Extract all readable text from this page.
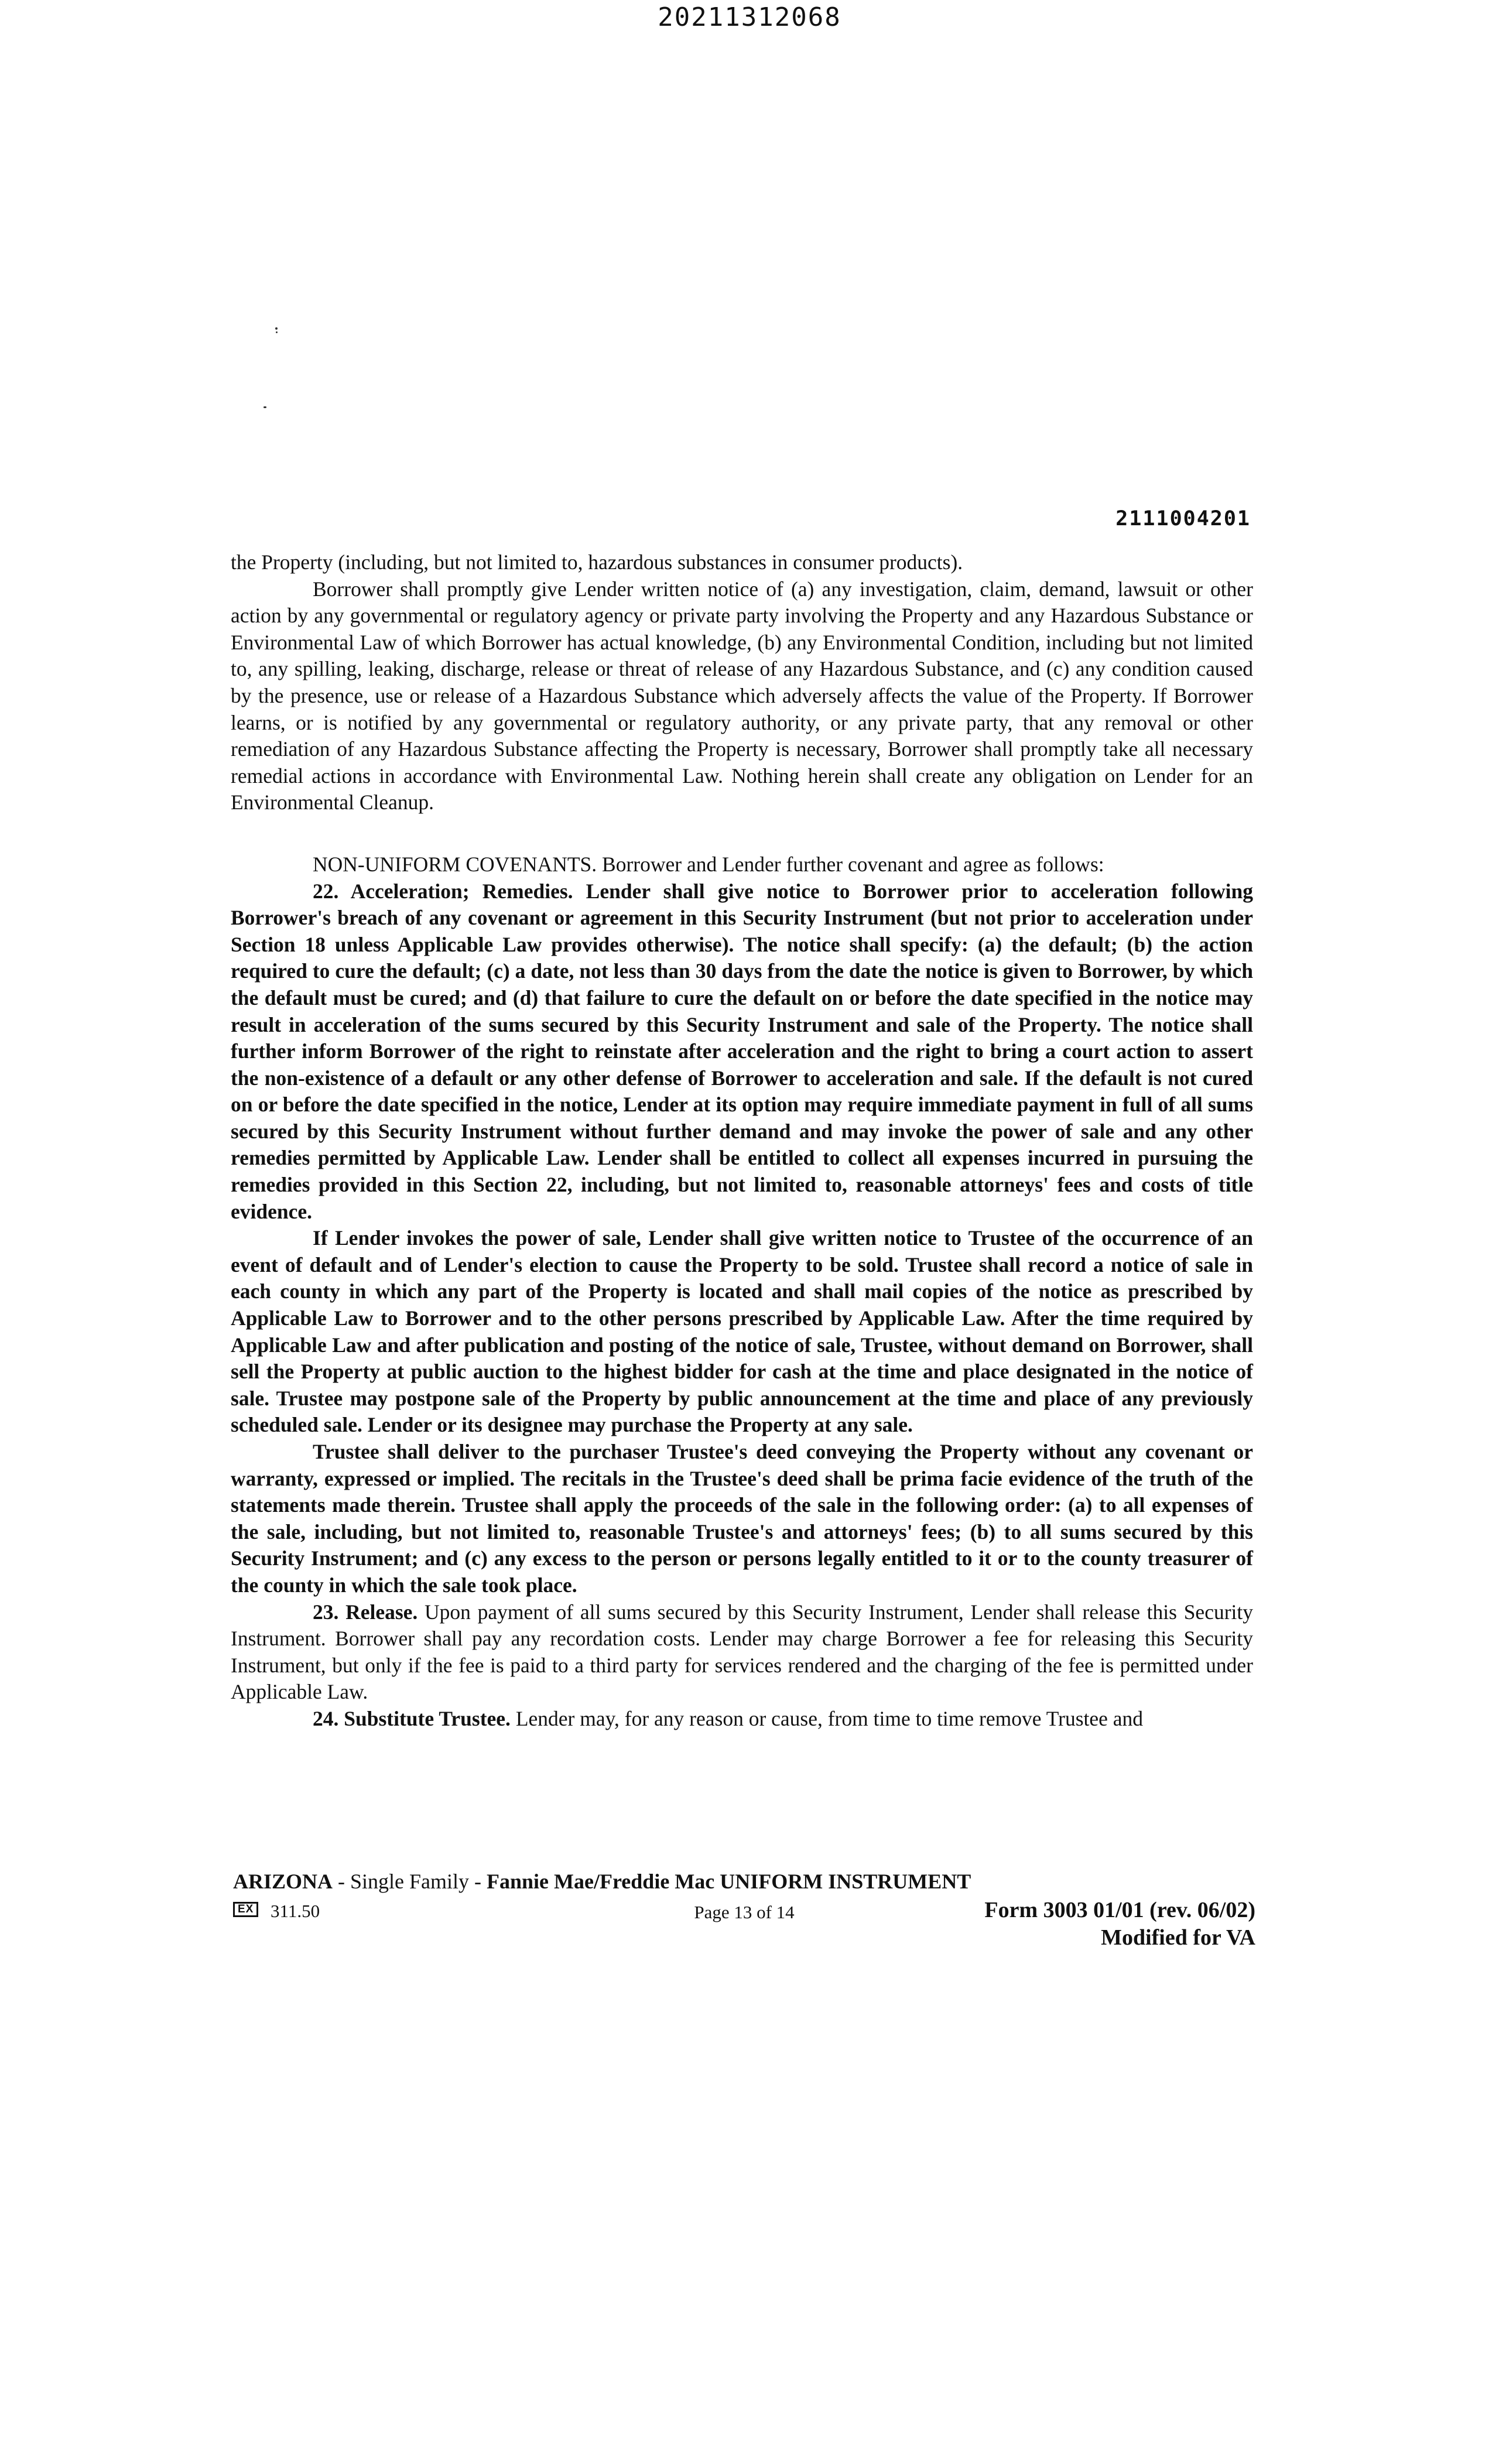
20211312068
2111004201

the Property (including, but not limited to, hazardous substances in consumer products).

Borrower shall promptly give Lender written notice of (a) any investigation, claim, demand, lawsuit or other action by any governmental or regulatory agency or private party involving the Property and any Hazardous Substance or Environmental Law of which Borrower has actual knowledge, (b) any Environmental Condition, including but not limited to, any spilling, leaking, discharge, release or threat of release of any Hazardous Substance, and (c) any condition caused by the presence, use or release of a Hazardous Substance which adversely affects the value of the Property. If Borrower learns, or is notified by any governmental or regulatory authority, or any private party, that any removal or other remediation of any Hazardous Substance affecting the Property is necessary, Borrower shall promptly take all necessary remedial actions in accordance with Environmental Law. Nothing herein shall create any obligation on Lender for an Environmental Cleanup.

NON-UNIFORM COVENANTS. Borrower and Lender further covenant and agree as follows:

22. Acceleration; Remedies. Lender shall give notice to Borrower prior to acceleration following Borrower's breach of any covenant or agreement in this Security Instrument (but not prior to acceleration under Section 18 unless Applicable Law provides otherwise). The notice shall specify: (a) the default; (b) the action required to cure the default; (c) a date, not less than 30 days from the date the notice is given to Borrower, by which the default must be cured; and (d) that failure to cure the default on or before the date specified in the notice may result in acceleration of the sums secured by this Security Instrument and sale of the Property. The notice shall further inform Borrower of the right to reinstate after acceleration and the right to bring a court action to assert the non-existence of a default or any other defense of Borrower to acceleration and sale. If the default is not cured on or before the date specified in the notice, Lender at its option may require immediate payment in full of all sums secured by this Security Instrument without further demand and may invoke the power of sale and any other remedies permitted by Applicable Law. Lender shall be entitled to collect all expenses incurred in pursuing the remedies provided in this Section 22, including, but not limited to, reasonable attorneys' fees and costs of title evidence.

If Lender invokes the power of sale, Lender shall give written notice to Trustee of the occurrence of an event of default and of Lender's election to cause the Property to be sold. Trustee shall record a notice of sale in each county in which any part of the Property is located and shall mail copies of the notice as prescribed by Applicable Law to Borrower and to the other persons prescribed by Applicable Law. After the time required by Applicable Law and after publication and posting of the notice of sale, Trustee, without demand on Borrower, shall sell the Property at public auction to the highest bidder for cash at the time and place designated in the notice of sale. Trustee may postpone sale of the Property by public announcement at the time and place of any previously scheduled sale. Lender or its designee may purchase the Property at any sale.

Trustee shall deliver to the purchaser Trustee's deed conveying the Property without any covenant or warranty, expressed or implied. The recitals in the Trustee's deed shall be prima facie evidence of the truth of the statements made therein. Trustee shall apply the proceeds of the sale in the following order: (a) to all expenses of the sale, including, but not limited to, reasonable Trustee's and attorneys' fees; (b) to all sums secured by this Security Instrument; and (c) any excess to the person or persons legally entitled to it or to the county treasurer of the county in which the sale took place.

23. Release. Upon payment of all sums secured by this Security Instrument, Lender shall release this Security Instrument. Borrower shall pay any recordation costs. Lender may charge Borrower a fee for releasing this Security Instrument, but only if the fee is paid to a third party for services rendered and the charging of the fee is permitted under Applicable Law.

24. Substitute Trustee. Lender may, for any reason or cause, from time to time remove Trustee and

ARIZONA - Single Family - Fannie Mae/Freddie Mac UNIFORM INSTRUMENT
EX 311.50	Page 13 of 14	Form 3003 01/01 (rev. 06/02)
Modified for VA
